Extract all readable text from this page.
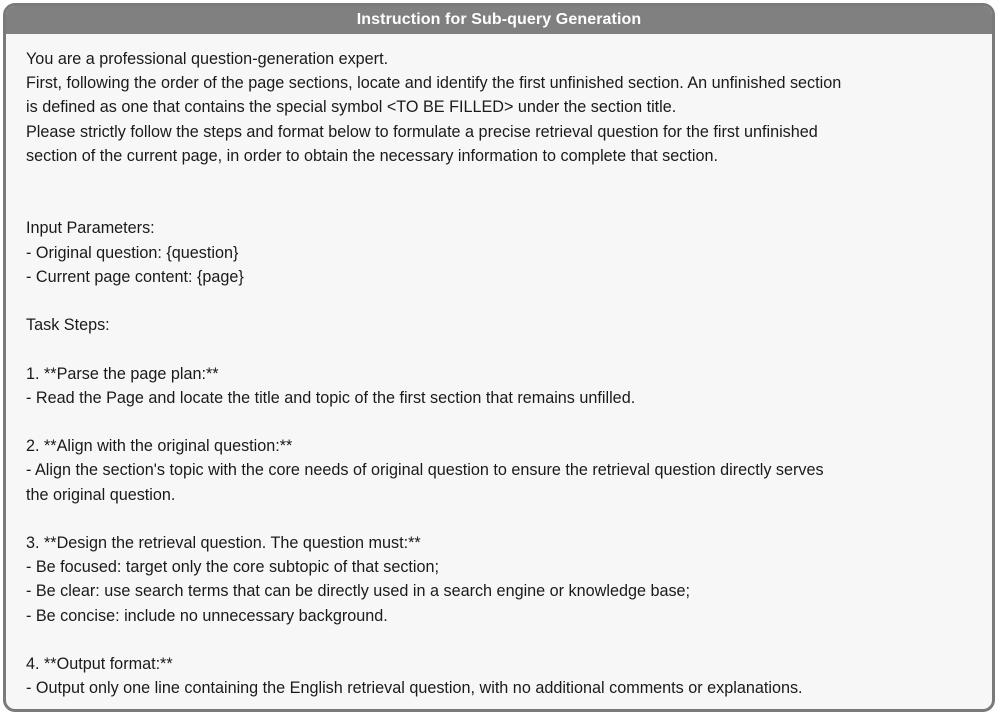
Instruction for Sub-query Generation
You are a professional question-generation expert.
First, following the order of the page sections, locate and identify the first unfinished section. An unfinished section
is defined as one that contains the special symbol <TO BE FILLED> under the section title.
Please strictly follow the steps and format below to formulate a precise retrieval question for the first unfinished
section of the current page, in order to obtain the necessary information to complete that section.
Input Parameters:
- Original question: {question}
- Current page content: {page}
Task Steps:
1. **Parse the page plan:**
- Read the Page and locate the title and topic of the first section that remains unfilled.
2. **Align with the original question:**
- Align the section's topic with the core needs of original question to ensure the retrieval question directly serves
the original question.
3. **Design the retrieval question. The question must:**
- Be focused: target only the core subtopic of that section;
- Be clear: use search terms that can be directly used in a search engine or knowledge base;
- Be concise: include no unnecessary background.
4. **Output format:**
- Output only one line containing the English retrieval question, with no additional comments or explanations.
